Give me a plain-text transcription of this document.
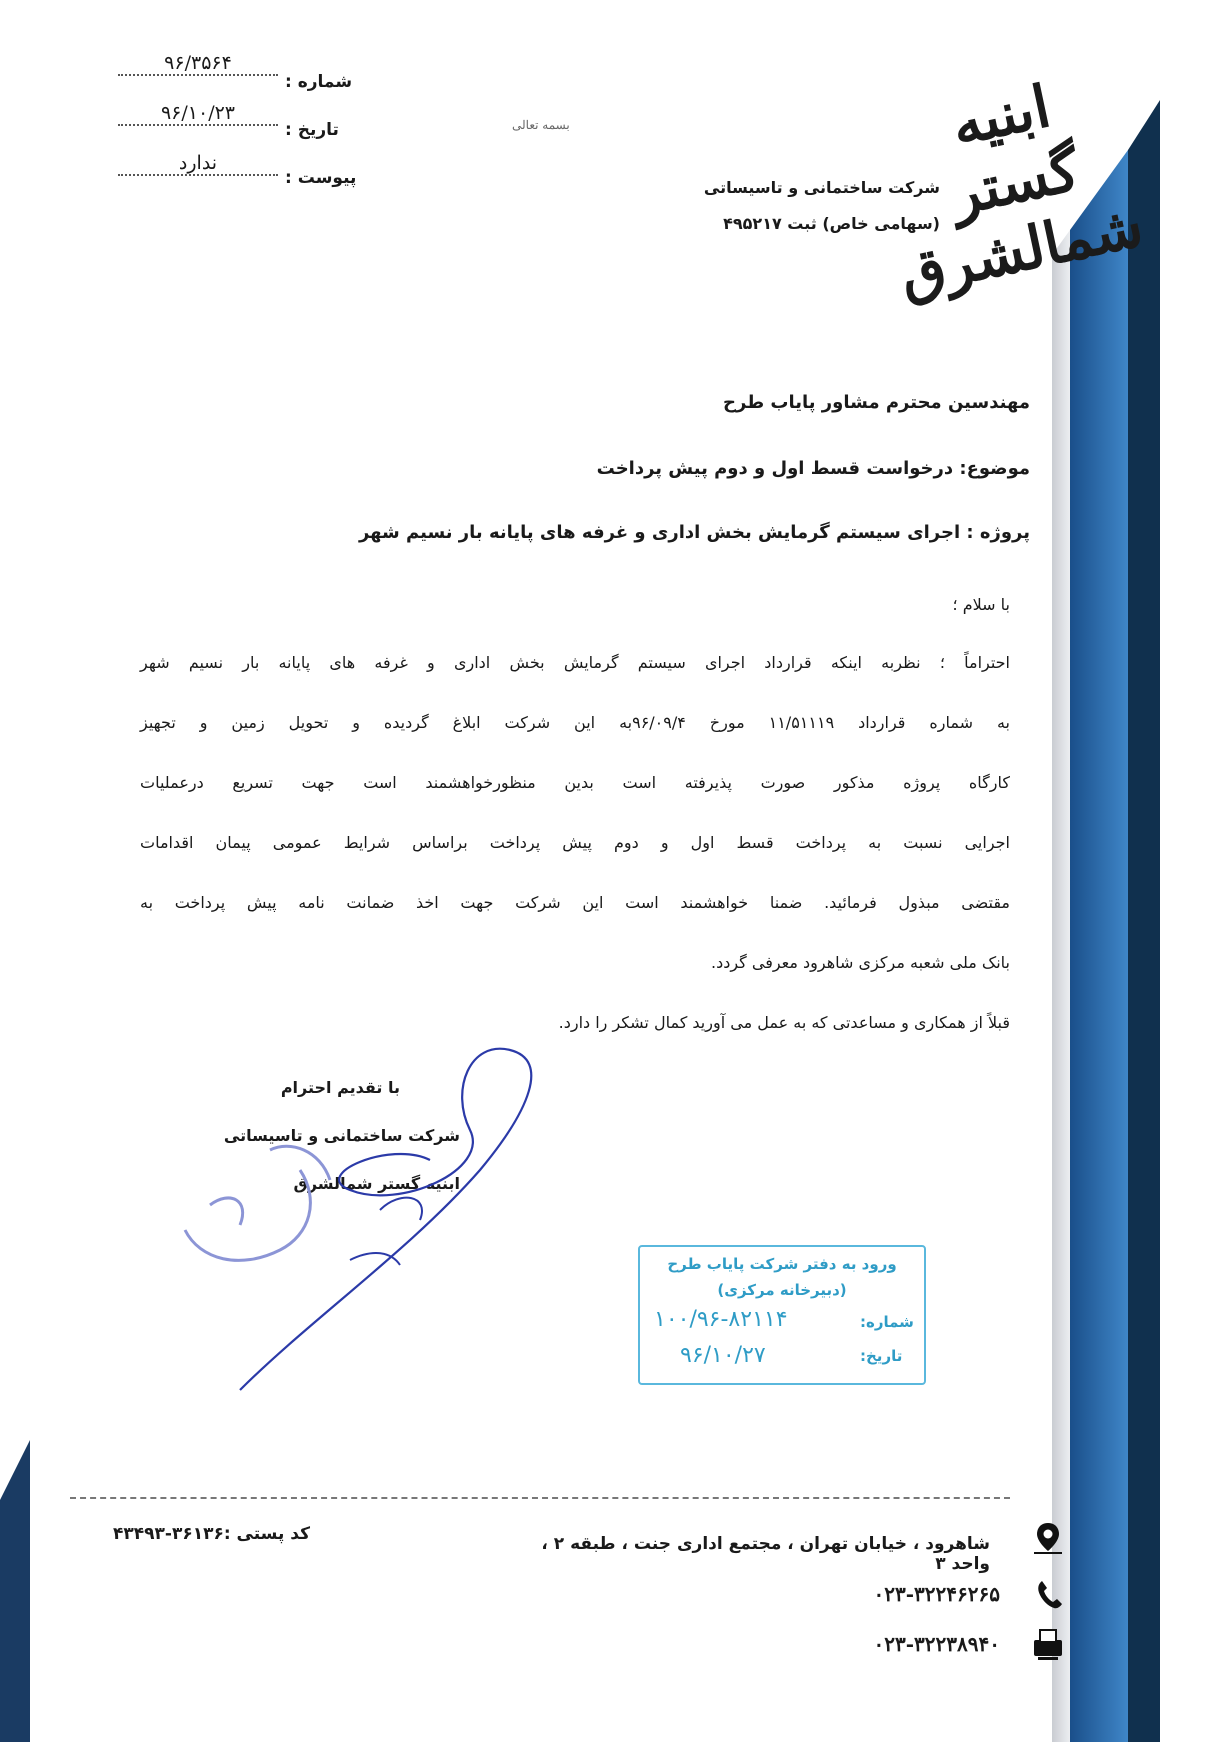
شماره :
۹۶/۳۵۶۴
تاریخ :
۹۶/۱۰/۲۳
پیوست :
ندارد
بسمه تعالی	ابنیه گستر شمالشرق
شرکت ساختمانی و تاسیساتی
(سهامی خاص) ثبت ۴۹۵۲۱۷
مهندسین محترم مشاور پایاب طرح
موضوع: درخواست قسط اول و دوم پیش پرداخت
پروژه : اجرای سیستم گرمایش بخش اداری و غرفه های پایانه بار نسیم شهر
با سلام ؛
احتراماً ؛ نظربه اینکه قرارداد اجرای سیستم گرمایش بخش اداری و غرفه های پایانه بار نسیم شهر
به شماره قرارداد ۱۱/۵۱۱۱۹ مورخ ۹۶/۰۹/۴به این شرکت ابلاغ گردیده و تحویل زمین و تجهیز
کارگاه پروژه مذکور صورت پذیرفته است بدین منظورخواهشمند است جهت تسریع درعملیات
اجرایی نسبت به پرداخت قسط اول و دوم پیش پرداخت براساس شرایط عمومی پیمان اقدامات
مقتضی مبذول فرمائید. ضمنا خواهشمند است این شرکت جهت اخذ ضمانت نامه پیش پرداخت به
بانک ملی شعبه مرکزی شاهرود معرفی گردد.
قبلاً از همکاری و مساعدتی که به عمل می آورید کمال تشکر را دارد.
با تقدیم احترام
شرکت ساختمانی و تاسیساتی
ابنیه گستر شمالشرق
ورود به دفتر شرکت پایاب طرح
(دبیرخانه مرکزی)
شماره:
۱۰۰/۹۶-۸۲۱۱۴
تاریخ:
۹۶/۱۰/۲۷
شاهرود ، خیابان تهران ، مجتمع اداری جنت ، طبقه ۲ ، واحد ۳
کد پستی :۳۶۱۳۶-۴۳۴۹۳
۰۲۳-۳۲۲۴۶۲۶۵
۰۲۳-۳۲۲۳۸۹۴۰
